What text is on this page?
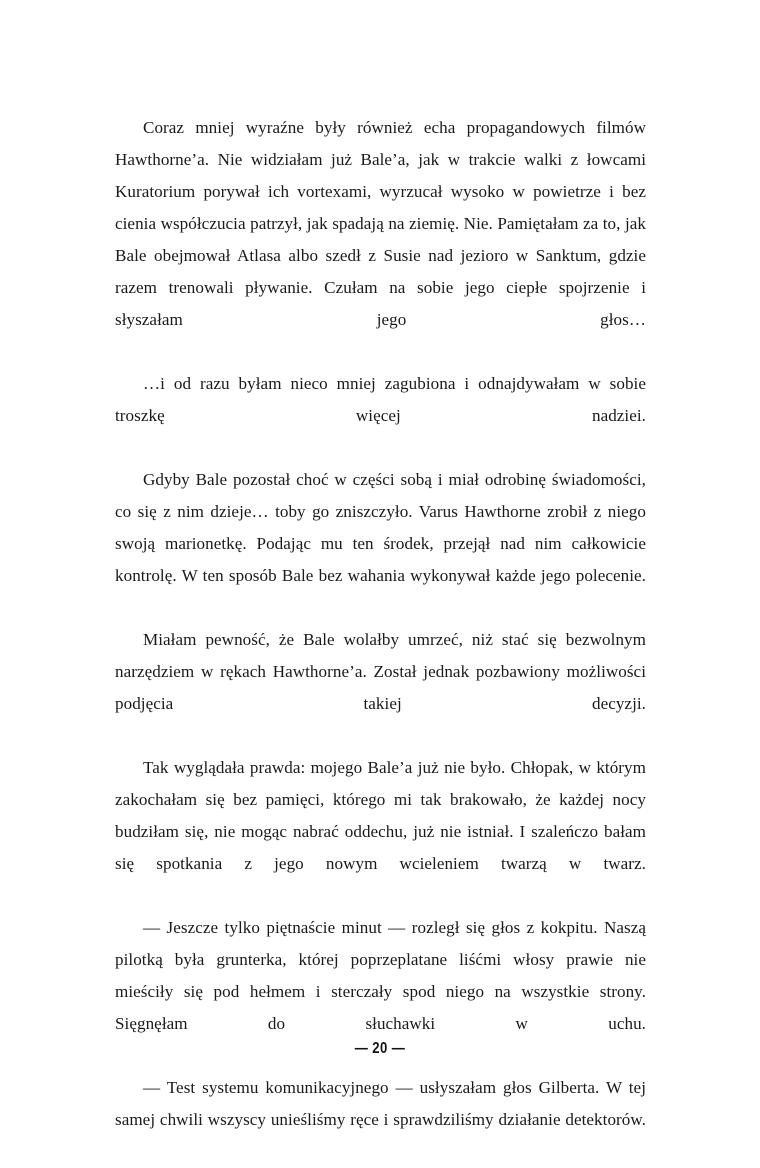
Coraz mniej wyraźne były również echa propagandowych filmów Hawthorne’a. Nie widziałam już Bale’a, jak w trakcie walki z łowcami Kuratorium porywał ich vortexami, wyrzucał wysoko w powietrze i bez cienia współczucia patrzył, jak spadają na ziemię. Nie. Pamiętałam za to, jak Bale obejmował Atlasa albo szedł z Susie nad jezioro w Sanktum, gdzie razem trenowali pływanie. Czułam na sobie jego ciepłe spojrzenie i słyszałam jego głos…

…i od razu byłam nieco mniej zagubiona i odnajdywałam w sobie troszkę więcej nadziei.

Gdyby Bale pozostał choć w części sobą i miał odrobinę świadomości, co się z nim dzieje… toby go zniszczyło. Varus Hawthorne zrobił z niego swoją marionetkę. Podając mu ten środek, przejął nad nim całkowicie kontrolę. W ten sposób Bale bez wahania wykonywał każde jego polecenie.

Miałam pewność, że Bale wolałby umrzeć, niż stać się bezwolnym narzędziem w rękach Hawthorne’a. Został jednak pozbawiony możliwości podjęcia takiej decyzji.

Tak wyglądała prawda: mojego Bale’a już nie było. Chłopak, w którym zakochałam się bez pamięci, którego mi tak brakowało, że każdej nocy budziłam się, nie mogąc nabrać oddechu, już nie istniał. I szaleńczo bałam się spotkania z jego nowym wcieleniem twarzą w twarz.

— Jeszcze tylko piętnaście minut — rozległ się głos z kokpitu. Naszą pilotką była grunterka, której poprzeplatane liśćmi włosy prawie nie mieściły się pod hełmem i sterczały spod niego na wszystkie strony. Sięgnęłam do słuchawki w uchu.

— Test systemu komunikacyjnego — usłyszałam głos Gilberta. W tej samej chwili wszyscy unieśliśmy ręce i sprawdziliśmy działanie detektorów.

— 20 —
